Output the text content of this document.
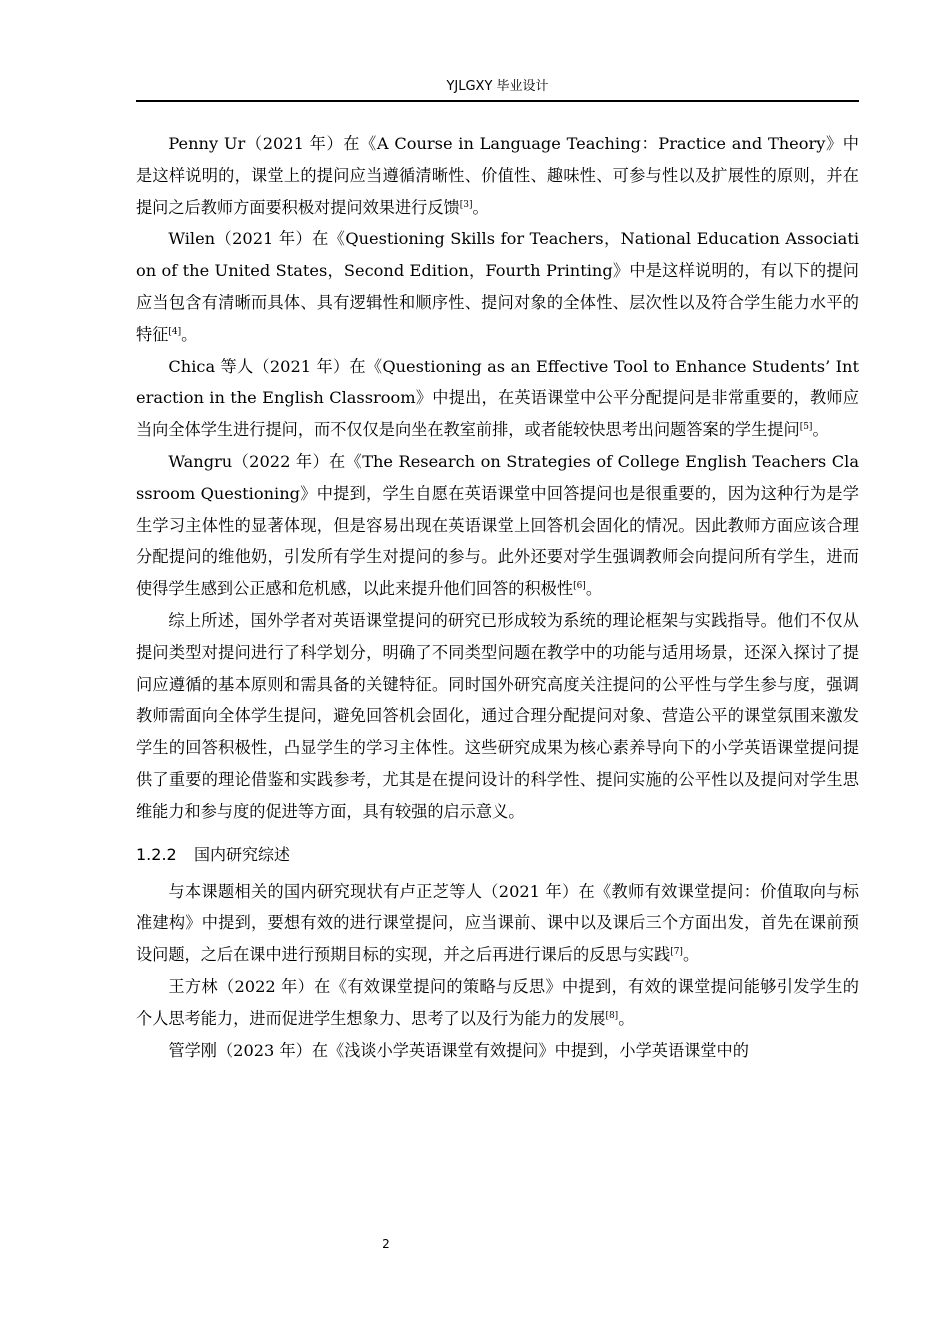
YJLGXY 毕业设计

Penny Ur（2021 年）在《A Course in Language Teaching：Practice and Theory》中是这样说明的，课堂上的提问应当遵循清晰性、价值性、趣味性、可参与性以及扩展性的原则，并在提问之后教师方面要积极对提问效果进行反馈[3]。

Wilen（2021 年）在《Questioning Skills for Teachers，National Education Association of the United States，Second Edition，Fourth Printing》中是这样说明的，有以下的提问应当包含有清晰而具体、具有逻辑性和顺序性、提问对象的全体性、层次性以及符合学生能力水平的特征[4]。

Chica 等人（2021 年）在《Questioning as an Effective Tool to Enhance Students’ Interaction in the English Classroom》中提出，在英语课堂中公平分配提问是非常重要的，教师应当向全体学生进行提问，而不仅仅是向坐在教室前排，或者能较快思考出问题答案的学生提问[5]。

Wangru（2022 年）在《The Research on Strategies of College English Teachers Classroom Questioning》中提到，学生自愿在英语课堂中回答提问也是很重要的，因为这种行为是学生学习主体性的显著体现，但是容易出现在英语课堂上回答机会固化的情况。因此教师方面应该合理分配提问的维他奶，引发所有学生对提问的参与。此外还要对学生强调教师会向提问所有学生，进而使得学生感到公正感和危机感，以此来提升他们回答的积极性[6]。

综上所述，国外学者对英语课堂提问的研究已形成较为系统的理论框架与实践指导。他们不仅从提问类型对提问进行了科学划分，明确了不同类型问题在教学中的功能与适用场景，还深入探讨了提问应遵循的基本原则和需具备的关键特征。同时国外研究高度关注提问的公平性与学生参与度，强调教师需面向全体学生提问，避免回答机会固化，通过合理分配提问对象、营造公平的课堂氛围来激发学生的回答积极性，凸显学生的学习主体性。这些研究成果为核心素养导向下的小学英语课堂提问提供了重要的理论借鉴和实践参考，尤其是在提问设计的科学性、提问实施的公平性以及提问对学生思维能力和参与度的促进等方面，具有较强的启示意义。

1.2.2 国内研究综述

与本课题相关的国内研究现状有卢正芝等人（2021 年）在《教师有效课堂提问：价值取向与标准建构》中提到，要想有效的进行课堂提问，应当课前、课中以及课后三个方面出发，首先在课前预设问题，之后在课中进行预期目标的实现，并之后再进行课后的反思与实践[7]。

王方林（2022 年）在《有效课堂提问的策略与反思》中提到，有效的课堂提问能够引发学生的个人思考能力，进而促进学生想象力、思考了以及行为能力的发展[8]。

管学刚（2023 年）在《浅谈小学英语课堂有效提问》中提到，小学英语课堂中的

2
